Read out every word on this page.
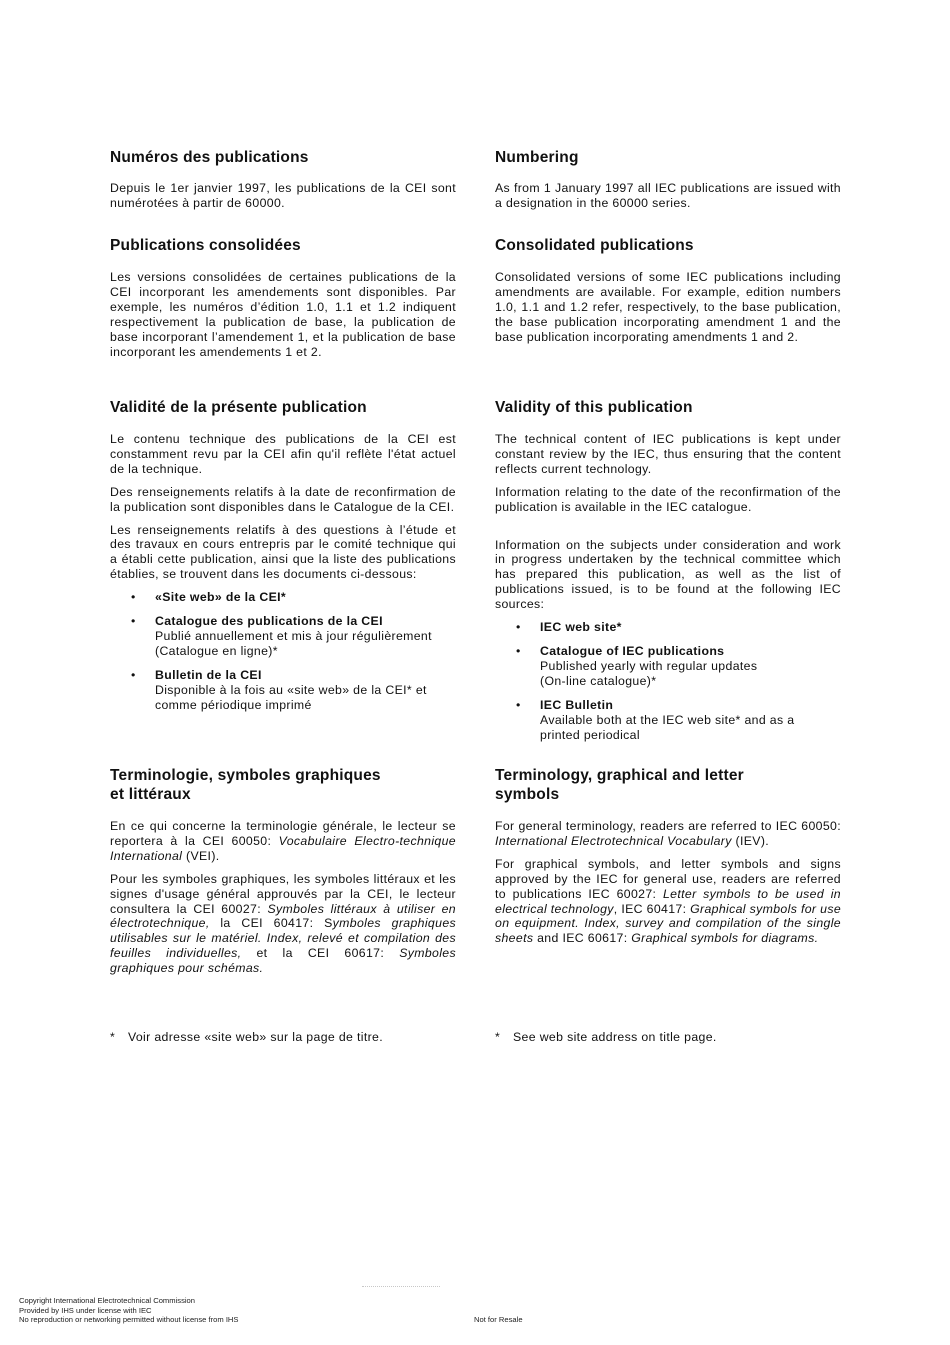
Numéros des publications

Depuis le 1er janvier 1997, les publications de la CEI sont numérotées à partir de 60000.

Publications consolidées

Les versions consolidées de certaines publications de la CEI incorporant les amendements sont disponibles. Par exemple, les numéros d’édition 1.0, 1.1 et 1.2 indiquent respectivement la publication de base, la publication de base incorporant l’amendement 1, et la publication de base incorporant les amendements 1 et 2.

Validité de la présente publication

Le contenu technique des publications de la CEI est constamment revu par la CEI afin qu'il reflète l'état actuel de la technique.

Des renseignements relatifs à la date de reconfirmation de la publication sont disponibles dans le Catalogue de la CEI.

Les renseignements relatifs à des questions à l’étude et des travaux en cours entrepris par le comité technique qui a établi cette publication, ainsi que la liste des publications établies, se trouvent dans les documents ci-dessous:

• «Site web» de la CEI*
• Catalogue des publications de la CEI
Publié annuellement et mis à jour régulièrement
(Catalogue en ligne)*
• Bulletin de la CEI
Disponible à la fois au «site web» de la CEI* et
comme périodique imprimé
Terminologie, symboles graphiques
et littéraux

En ce qui concerne la terminologie générale, le lecteur se reportera à la CEI 60050: Vocabulaire Electro-technique International (VEI).

Pour les symboles graphiques, les symboles littéraux et les signes d'usage général approuvés par la CEI, le lecteur consultera la CEI 60027: Symboles littéraux à utiliser en électrotechnique, la CEI 60417: Symboles graphiques utilisables sur le matériel. Index, relevé et compilation des feuilles individuelles, et la CEI 60617: Symboles graphiques pour schémas.

Numbering

As from 1 January 1997 all IEC publications are issued with a designation in the 60000 series.

Consolidated publications

Consolidated versions of some IEC publications including amendments are available. For example, edition numbers 1.0, 1.1 and 1.2 refer, respectively, to the base publication, the base publication incorporating amendment 1 and the base publication incorporating amendments 1 and 2.

Validity of this publication

The technical content of IEC publications is kept under constant review by the IEC, thus ensuring that the content reflects current technology.

Information relating to the date of the reconfirmation of the publication is available in the IEC catalogue.

Information on the subjects under consideration and work in progress undertaken by the technical committee which has prepared this publication, as well as the list of publications issued, is to be found at the following IEC sources:

• IEC web site*
• Catalogue of IEC publications
Published yearly with regular updates
(On-line catalogue)*
• IEC Bulletin
Available both at the IEC web site* and as a
printed periodical
Terminology, graphical and letter
symbols

For general terminology, readers are referred to IEC 60050: International Electrotechnical Vocabulary (IEV).

For graphical symbols, and letter symbols and signs approved by the IEC for general use, readers are referred to publications IEC 60027: Letter symbols to be used in electrical technology, IEC 60417: Graphical symbols for use on equipment. Index, survey and compilation of the single sheets and IEC 60617: Graphical symbols for diagrams.

* Voir adresse «site web» sur la page de titre.	* See web site address on title page.
Copyright International Electrotechnical Commission
Provided by IHS under license with IEC
No reproduction or networking permitted without license from IHS	Not for Resale
